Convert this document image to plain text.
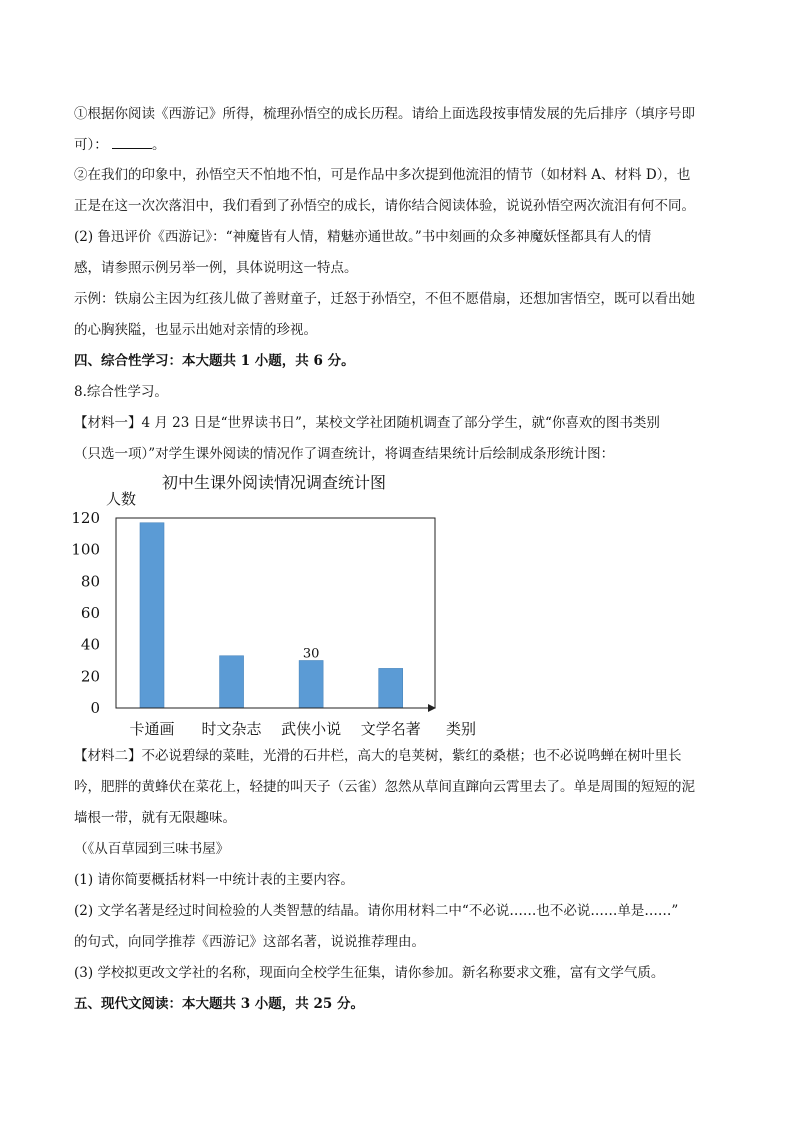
①根据你阅读《西游记》所得，梳理孙悟空的成长历程。请给上面选段按事情发展的先后排序（填序号即
可）：	。
②在我们的印象中，孙悟空天不怕地不怕，可是作品中多次提到他流泪的情节（如材料 A、材料 D），也
正是在这一次次落泪中，我们看到了孙悟空的成长，请你结合阅读体验，说说孙悟空两次流泪有何不同。
(2) 鲁迅评价《西游记》：“神魔皆有人情，精魅亦通世故。”书中刻画的众多神魔妖怪都具有人的情
感，请参照示例另举一例，具体说明这一特点。
示例：铁扇公主因为红孩儿做了善财童子，迁怒于孙悟空，不但不愿借扇，还想加害悟空，既可以看出她
的心胸狭隘，也显示出她对亲情的珍视。
四、综合性学习：本大题共 1 小题，共 6 分。
8.综合性学习。
【材料一】4 月 23 日是“世界读书日”，某校文学社团随机调查了部分学生，就“你喜欢的图书类别
（只选一项）”对学生课外阅读的情况作了调查统计，将调查结果统计后绘制成条形统计图：
初中生课外阅读情况调查统计图
人数
类别
0
20
40
60
80
100
120
卡通画 时文杂志 武侠小说 文学名著
30
【材料二】不必说碧绿的菜畦，光滑的石井栏，高大的皂荚树，紫红的桑椹；也不必说鸣蝉在树叶里长
吟，肥胖的黄蜂伏在菜花上，轻捷的叫天子（云雀）忽然从草间直蹿向云霄里去了。单是周围的短短的泥
墙根一带，就有无限趣味。
（《从百草园到三味书屋》
(1) 请你简要概括材料一中统计表的主要内容。
(2) 文学名著是经过时间检验的人类智慧的结晶。请你用材料二中“不必说……也不必说……单是……”
的句式，向同学推荐《西游记》这部名著，说说推荐理由。
(3) 学校拟更改文学社的名称，现面向全校学生征集，请你参加。新名称要求文雅，富有文学气质。
五、现代文阅读：本大题共 3 小题，共 25 分。
